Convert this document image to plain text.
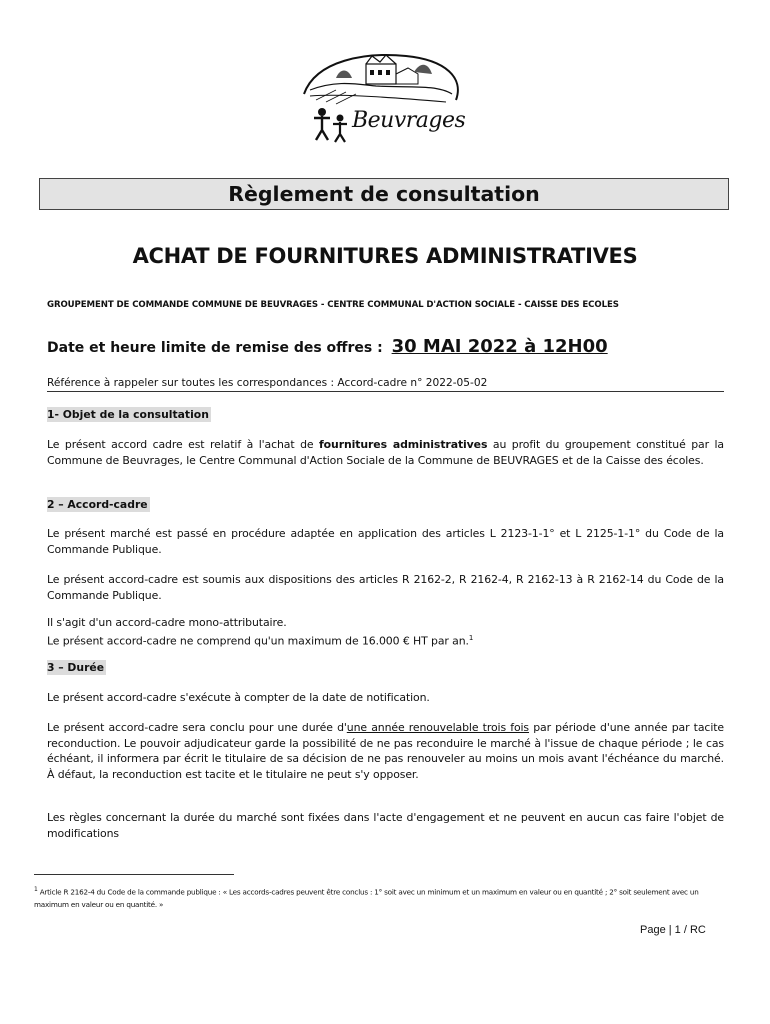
Beuvrages
Règlement de consultation
ACHAT DE FOURNITURES ADMINISTRATIVES
GROUPEMENT DE COMMANDE COMMUNE DE BEUVRAGES - CENTRE COMMUNAL D'ACTION SOCIALE - CAISSE DES ECOLES
Date et heure limite de remise des offres : 30 MAI 2022 à 12H00
Référence à rappeler sur toutes les correspondances : Accord-cadre n° 2022-05-02
1- Objet de la consultation
Le présent accord cadre est relatif à l'achat de fournitures administratives au profit du groupement constitué par la Commune de Beuvrages, le Centre Communal d'Action Sociale de la Commune de BEUVRAGES et de la Caisse des écoles.
2 – Accord-cadre
Le présent marché est passé en procédure adaptée en application des articles L 2123-1-1° et L 2125-1-1° du Code de la Commande Publique.
Le présent accord-cadre est soumis aux dispositions des articles R 2162-2, R 2162-4, R 2162-13 à R 2162-14 du Code de la Commande Publique.
Il s'agit d'un accord-cadre mono-attributaire.
Le présent accord-cadre ne comprend qu'un maximum de 16.000 € HT par an.$^1$
3 – Durée
Le présent accord-cadre s'exécute à compter de la date de notification.
Le présent accord-cadre sera conclu pour une durée d'une année renouvelable trois fois par période d'une année par tacite reconduction. Le pouvoir adjudicateur garde la possibilité de ne pas reconduire le marché à l'issue de chaque période ; le cas échéant, il informera par écrit le titulaire de sa décision de ne pas renouveler au moins un mois avant l'échéance du marché. À défaut, la reconduction est tacite et le titulaire ne peut s'y opposer.
Les règles concernant la durée du marché sont fixées dans l'acte d'engagement et ne peuvent en aucun cas faire l'objet de modifications
$^1$ Article R 2162-4 du Code de la commande publique : « Les accords-cadres peuvent être conclus : 1° soit avec un minimum et un maximum en valeur ou en quantité ; 2° soit seulement avec un maximum en valeur ou en quantité. »
Page | 1 / RC
